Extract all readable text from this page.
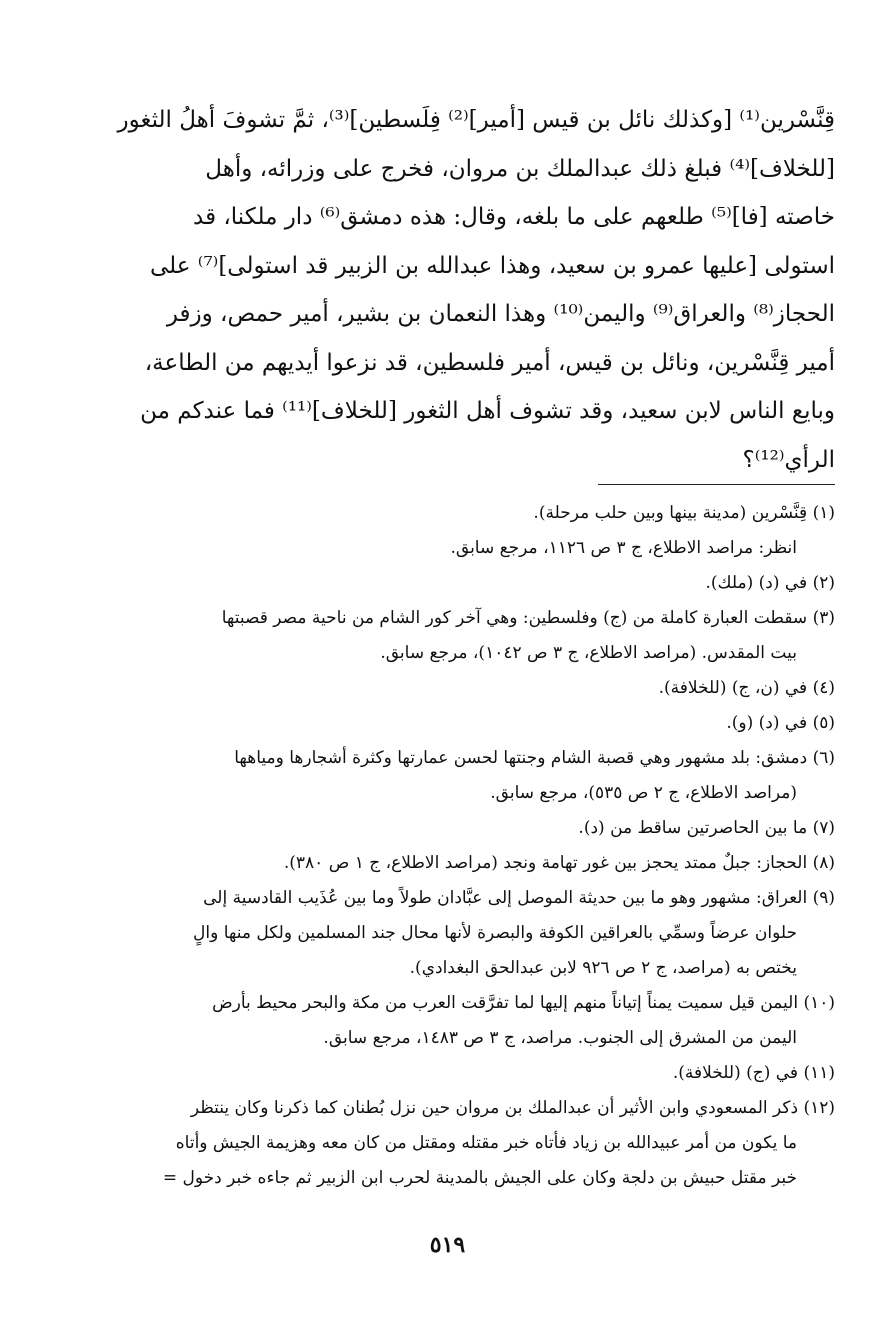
قِنَّسْرين⁽¹⁾ [وكذلك نائل بن قيس [أمير]⁽²⁾ فِلَسطين]⁽³⁾، ثمَّ تشوفَ أهلُ الثغور
[للخلاف]⁽⁴⁾ فبلغ ذلك عبدالملك بن مروان، فخرج على وزرائه، وأهل
خاصته [فا]⁽⁵⁾ طلعهم على ما بلغه، وقال: هذه دمشق⁽⁶⁾ دار ملكنا، قد
استولى [عليها عمرو بن سعيد، وهذا عبدالله بن الزبير قد استولى]⁽⁷⁾ على
الحجاز⁽⁸⁾ والعراق⁽⁹⁾ واليمن⁽¹⁰⁾ وهذا النعمان بن بشير، أمير حمص، وزفر
أمير قِنَّسْرين، ونائل بن قيس، أمير فلسطين، قد نزعوا أيديهم من الطاعة،
وبايع الناس لابن سعيد، وقد تشوف أهل الثغور [للخلاف]⁽¹¹⁾ فما عندكم من
الرأي⁽¹²⁾؟
(١) قِنَّسْرين (مدينة بينها وبين حلب مرحلة).
انظر: مراصد الاطلاع، ج ٣ ص ١١٢٦، مرجع سابق.
(٢) في (د) (ملك).
(٣) سقطت العبارة كاملة من (ج) وفلسطين: وهي آخر كور الشام من ناحية مصر قصبتها
بيت المقدس. (مراصد الاطلاع، ج ٣ ص ١٠٤٢)، مرجع سابق.
(٤) في (ن، ج) (للخلافة).
(٥) في (د) (و).
(٦) دمشق: بلد مشهور وهي قصبة الشام وجنتها لحسن عمارتها وكثرة أشجارها ومياهها
(مراصد الاطلاع، ج ٢ ص ٥٣٥)، مرجع سابق.
(٧) ما بين الحاصرتين ساقط من (د).
(٨) الحجاز: جبلٌ ممتد يحجز بين غور تهامة ونجد (مراصد الاطلاع، ج ١ ص ٣٨٠).
(٩) العراق: مشهور وهو ما بين حديثة الموصل إلى عبَّادان طولاً وما بين عُذَيب القادسية إلى
حلوان عرضاً وسمِّي بالعراقين الكوفة والبصرة لأنها محال جند المسلمين ولكل منها والٍ
يختص به (مراصد، ج ٢ ص ٩٢٦ لابن عبدالحق البغدادي).
(١٠) اليمن قيل سميت يمناً إتياناً منهم إليها لما تفرَّقت العرب من مكة والبحر محيط بأرض
اليمن من المشرق إلى الجنوب. مراصد، ج ٣ ص ١٤٨٣، مرجع سابق.
(١١) في (ج) (للخلافة).
(١٢) ذكر المسعودي وابن الأثير أن عبدالملك بن مروان حين نزل بُطنان كما ذكرنا وكان ينتظر
ما يكون من أمر عبيدالله بن زياد فأتاه خبر مقتله ومقتل من كان معه وهزيمة الجيش وأتاه
خبر مقتل حبيش بن دلجة وكان على الجيش بالمدينة لحرب ابن الزبير ثم جاءه خبر دخول =
٥١٩
